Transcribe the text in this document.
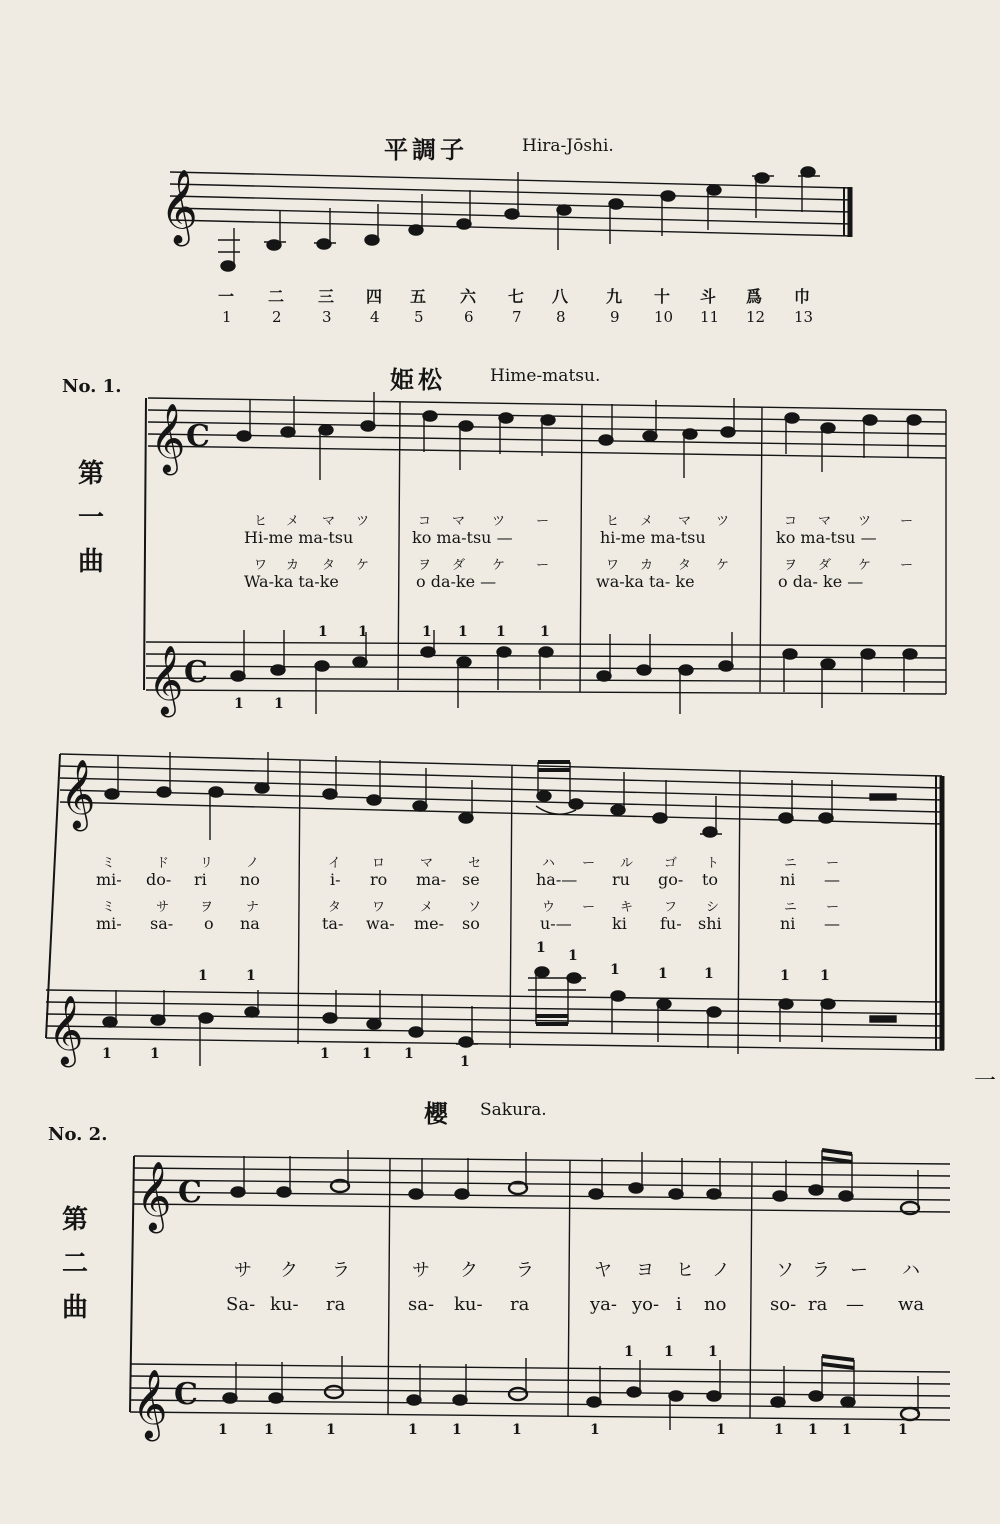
平調子	Hira-Jōshi.
一 二 三 四 五 六 七 八 九 十 斗 爲 巾
1	2	3	4 5	6	7 8	9 10 11 12 13
No. 1.	姫松	Hime-matsu.
第
一
曲
ヒ メ マ ツ	コ マ ツ ー	ヒ メ マ ツ	コ マ ツ ー
Hi-me ma-tsu	ko ma-tsu —	hi-me ma-tsu	ko ma-tsu —
ワ カ タ ケ	ヲ ダ ケ ー	ワ カ タ ケ	ヲ ダ ケ ー
Wa-ka ta-ke	o da-ke —	wa-ka ta- ke	o da- ke —
1 1	1 1 1 1
1 1
ミ	ド リ ノ	イ ロ	マ	セ	ハ ー ル ゴ ト	ニ ー
mi- do- ri no	i- ro ma- se	ha-— ru go- to	ni —
ミ	サ ヲ ナ	タ ワ	メ	ソ	ウ ー キ フ シ	ニ ー
mi- sa- o na	ta- wa- me- so	u-—	ki fu- shi	ni —
1	1
1 1
1	1	1	1 1
1	1	1 1 1	1
No. 2.
櫻 Sakura.
第
二
曲
サ ク ラ	サ ク ラ	ヤ ヨ ヒ ノ	ソ ラ ー ハ
Sa- ku- ra	sa- ku- ra	ya- yo- i no so- ra — wa
1 1 1
1	1	1	1 1	1	1	1	1 1 1	1
一
𝄞
𝄞
𝄞
𝄞
𝄞
𝄞
𝄞
C
C
C
C
